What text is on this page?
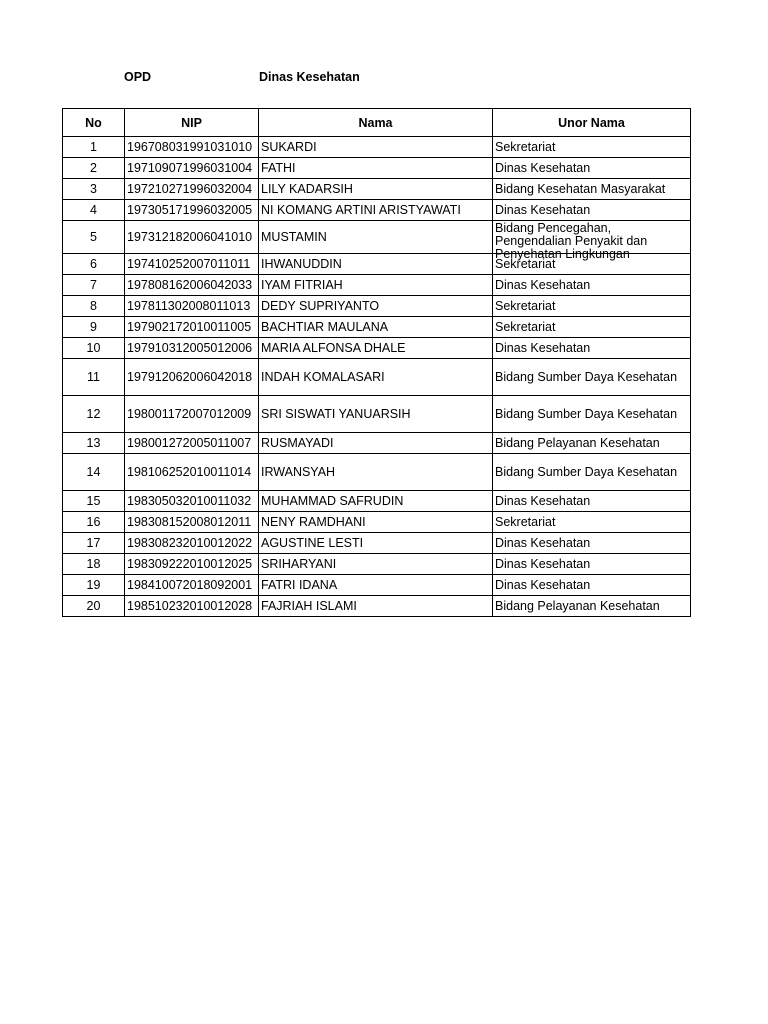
OPD	Dinas Kesehatan
No	NIP	Nama	Unor Nama
1	196708031991031010	SUKARDI	Sekretariat
2	197109071996031004	FATHI	Dinas Kesehatan
3	197210271996032004	LILY KADARSIH	Bidang Kesehatan Masyarakat
4	197305171996032005	NI KOMANG ARTINI ARISTYAWATI	Dinas Kesehatan
5	197312182006041010	MUSTAMIN	Bidang Pencegahan, Pengendalian Penyakit dan Penyehatan Lingkungan

6	197410252007011011	IHWANUDDIN	Sekretariat
7	197808162006042033	IYAM FITRIAH	Dinas Kesehatan
8	197811302008011013	DEDY SUPRIYANTO	Sekretariat
9	197902172010011005	BACHTIAR MAULANA	Sekretariat
10	197910312005012006	MARIA ALFONSA DHALE	Dinas Kesehatan
11	197912062006042018	INDAH KOMALASARI	Bidang Sumber Daya Kesehatan
12	198001172007012009	SRI SISWATI YANUARSIH	Bidang Sumber Daya Kesehatan
13	198001272005011007	RUSMAYADI	Bidang Pelayanan Kesehatan
14	198106252010011014	IRWANSYAH	Bidang Sumber Daya Kesehatan
15	198305032010011032	MUHAMMAD SAFRUDIN	Dinas Kesehatan
16	198308152008012011	NENY RAMDHANI	Sekretariat
17	198308232010012022	AGUSTINE LESTI	Dinas Kesehatan
18	198309222010012025	SRIHARYANI	Dinas Kesehatan
19	198410072018092001	FATRI IDANA	Dinas Kesehatan
20	198510232010012028	FAJRIAH ISLAMI	Bidang Pelayanan Kesehatan
